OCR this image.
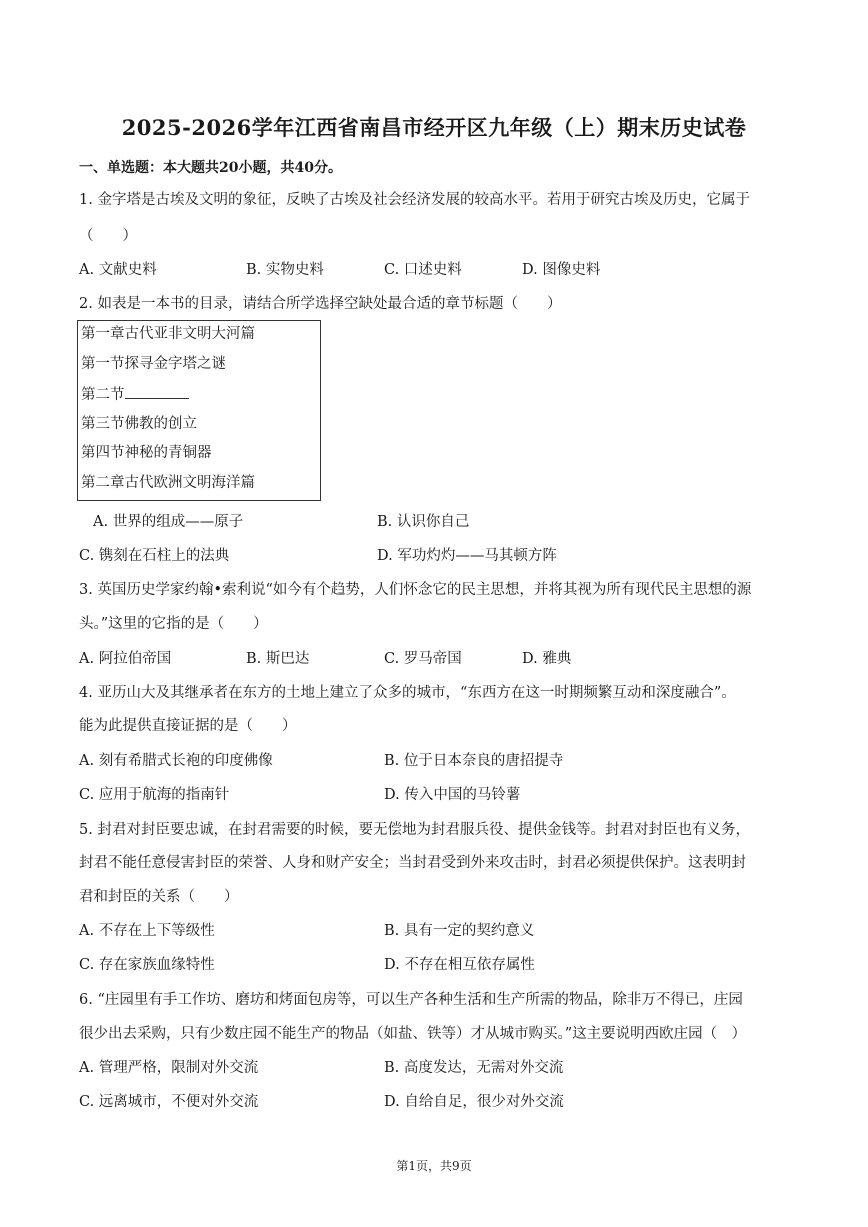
2025-2026学年江西省南昌市经开区九年级（上）期末历史试卷
一、单选题：本大题共20小题，共40分。
1. 金字塔是古埃及文明的象征，反映了古埃及社会经济发展的较高水平。若用于研究古埃及历史，它属于
（　　）
A. 文献史料	B. 实物史料	C. 口述史料	D. 图像史料
2. 如表是一本书的目录，请结合所学选择空缺处最合适的章节标题（　　）
第一章古代亚非文明大河篇
第一节探寻金字塔之谜
第二节
第三节佛教的创立
第四节神秘的青铜器
第二章古代欧洲文明海洋篇
A. 世界的组成——原子	B. 认识你自己
C. 镌刻在石柱上的法典	D. 军功灼灼——马其顿方阵
3. 英国历史学家约翰•索利说“如今有个趋势，人们怀念它的民主思想，并将其视为所有现代民主思想的源
头。”这里的它指的是（　　）
A. 阿拉伯帝国	B. 斯巴达	C. 罗马帝国	D. 雅典
4. 亚历山大及其继承者在东方的土地上建立了众多的城市，“东西方在这一时期频繁互动和深度融合”。
能为此提供直接证据的是（　　）
A. 刻有希腊式长袍的印度佛像	B. 位于日本奈良的唐招提寺
C. 应用于航海的指南针	D. 传入中国的马铃薯
5. 封君对封臣要忠诚，在封君需要的时候，要无偿地为封君服兵役、提供金钱等。封君对封臣也有义务，
封君不能任意侵害封臣的荣誉、人身和财产安全；当封君受到外来攻击时，封君必须提供保护。这表明封
君和封臣的关系（　　）
A. 不存在上下等级性	B. 具有一定的契约意义
C. 存在家族血缘特性	D. 不存在相互依存属性
6. “庄园里有手工作坊、磨坊和烤面包房等，可以生产各种生活和生产所需的物品，除非万不得已，庄园
很少出去采购，只有少数庄园不能生产的物品（如盐、铁等）才从城市购买。”这主要说明西欧庄园（　）
A. 管理严格，限制对外交流	B. 高度发达，无需对外交流
C. 远离城市，不便对外交流	D. 自给自足，很少对外交流
第1页，共9页
